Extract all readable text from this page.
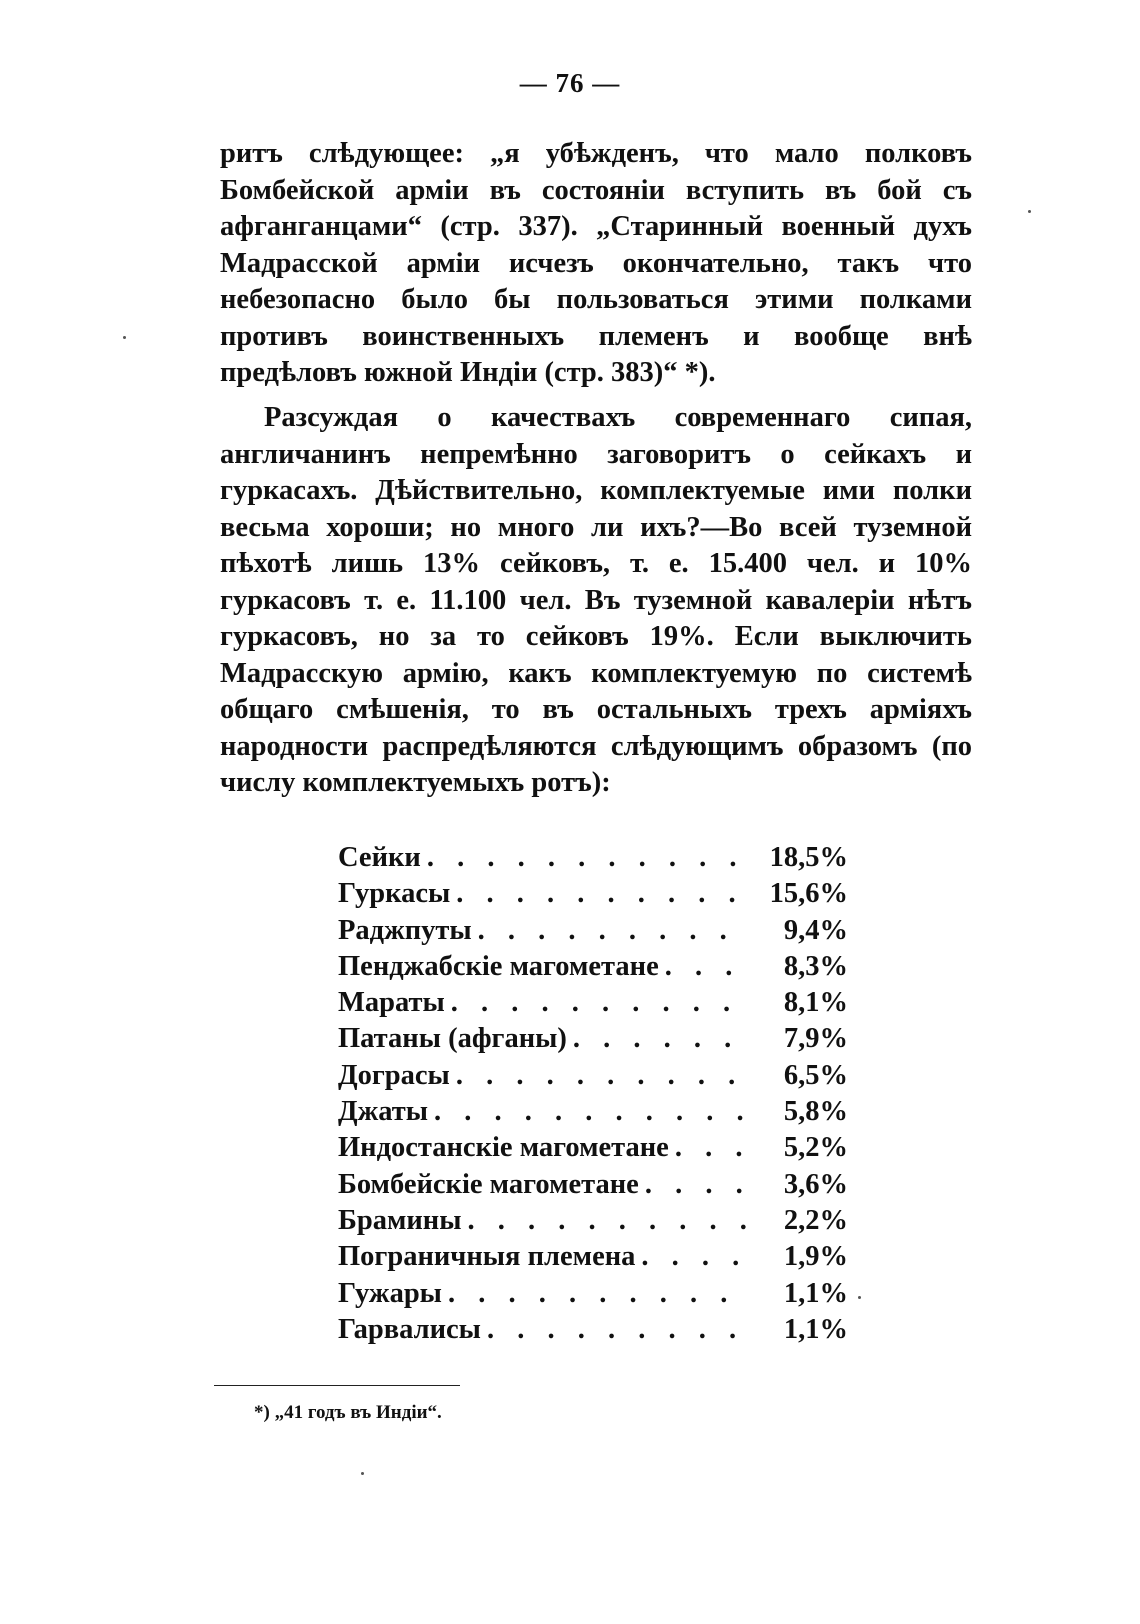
— 76 —

ритъ слѣдующее: „я убѣжденъ, что мало полковъ Бомбейской арміи въ состояніи вступить въ бой съ афганганцами“ (стр. 337). „Старинный военный духъ Мадрасской арміи исчезъ окончательно, такъ что небезопасно было бы пользоваться этими полками противъ воинственныхъ племенъ и вообще внѣ предѣловъ южной Индіи (стр. 383)“ *).

Разсуждая о качествахъ современнаго сипая, англичанинъ непремѣнно заговоритъ о сейкахъ и гуркасахъ. Дѣйствительно, комплектуемые ими полки весьма хороши; но много ли ихъ?—Во всей туземной пѣхотѣ лишь 13% сейковъ, т. е. 15.400 чел. и 10% гуркасовъ т. е. 11.100 чел. Въ туземной кавалеріи нѣтъ гуркасовъ, но за то сейковъ 19%. Если выключить Мадрасскую армію, какъ комплектуемую по системѣ общаго смѣшенія, то въ остальныхъ трехъ арміяхъ народности распредѣляются слѣдующимъ образомъ (по числу комплектуемыхъ ротъ):

Сейки . . .	18,5%
Гуркасы . . .	15,6%
Раджпуты . . .	9,4%
Пенджабскіе магометане . . .	8,3%
Мараты . . .	8,1%
Патаны (афганы) . . .	7,9%
Дограсы . . .	6,5%
Джаты . . .	5,8%
Индостанскіе магометане . . .	5,2%
Бомбейскіе магометане . . .	3,6%
Брамины . . .	2,2%
Пограничныя племена . . .	1,9%
Гужары . . .	1,1%
Гарвалисы . . .	1,1%
*) „41 годъ въ Индіи“.
